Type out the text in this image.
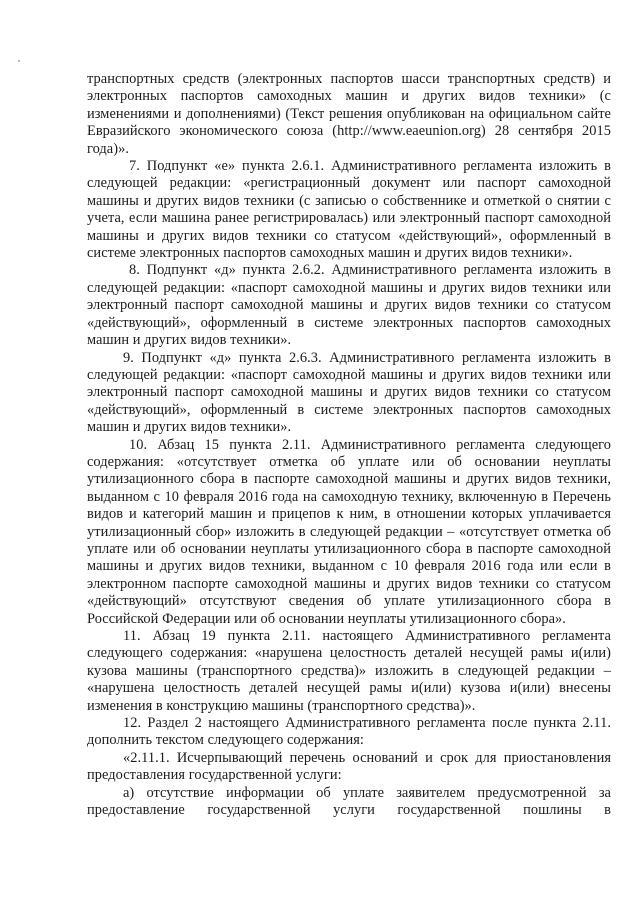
транспортных средств (электронных паспортов шасси транспортных средств) и электронных паспортов самоходных машин и других видов техники» (с изменениями и дополнениями) (Текст решения опубликован на официальном сайте Евразийского экономического союза (http://www.eaeunion.org) 28 сентября 2015 года)».

7. Подпункт «е» пункта 2.6.1. Административного регламента изложить в следующей редакции: «регистрационный документ или паспорт самоходной машины и других видов техники (с записью о собственнике и отметкой о снятии с учета, если машина ранее регистрировалась) или электронный паспорт самоходной машины и других видов техники со статусом «действующий», оформленный в системе электронных паспортов самоходных машин и других видов техники».

8. Подпункт «д» пункта 2.6.2. Административного регламента изложить в следующей редакции: «паспорт самоходной машины и других видов техники или электронный паспорт самоходной машины и других видов техники со статусом «действующий», оформленный в системе электронных паспортов самоходных машин и других видов техники».

9. Подпункт «д» пункта 2.6.3. Административного регламента изложить в следующей редакции: «паспорт самоходной машины и других видов техники или электронный паспорт самоходной машины и других видов техники со статусом «действующий», оформленный в системе электронных паспортов самоходных машин и других видов техники».

10. Абзац 15 пункта 2.11. Административного регламента следующего содержания: «отсутствует отметка об уплате или об основании неуплаты утилизационного сбора в паспорте самоходной машины и других видов техники, выданном с 10 февраля 2016 года на самоходную технику, включенную в Перечень видов и категорий машин и прицепов к ним, в отношении которых уплачивается утилизационный сбор» изложить в следующей редакции – «отсутствует отметка об уплате или об основании неуплаты утилизационного сбора в паспорте самоходной машины и других видов техники, выданном с 10 февраля 2016 года или если в электронном паспорте самоходной машины и других видов техники со статусом «действующий» отсутствуют сведения об уплате утилизационного сбора в Российской Федерации или об основании неуплаты утилизационного сбора».

11. Абзац 19 пункта 2.11. настоящего Административного регламента следующего содержания: «нарушена целостность деталей несущей рамы и(или) кузова машины (транспортного средства)» изложить в следующей редакции – «нарушена целостность деталей несущей рамы и(или) кузова и(или) внесены изменения в конструкцию машины (транспортного средства)».

12. Раздел 2 настоящего Административного регламента после пункта 2.11. дополнить текстом следующего содержания:

«2.11.1. Исчерпывающий перечень оснований и срок для приостановления предоставления государственной услуги:

а) отсутствие информации об уплате заявителем предусмотренной за предоставление государственной услуги государственной пошлины в
